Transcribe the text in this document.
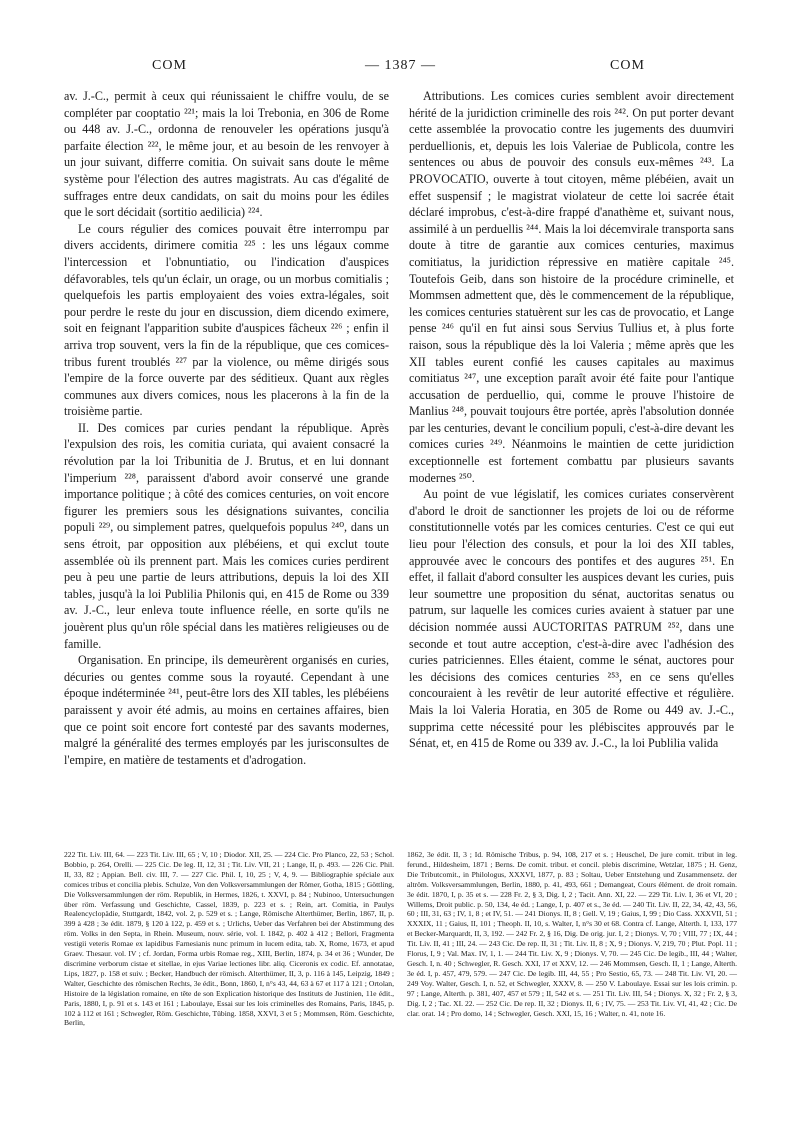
COM	— 1387 —	COM

av. J.-C., permit à ceux qui réunissaient le chiffre voulu, de se compléter par cooptatio ²²¹; mais la loi Trebonia, en 306 de Rome ou 448 av. J.-C., ordonna de renouveler les opérations jusqu'à parfaite élection ²²², le même jour, et au besoin de les renvoyer à un jour suivant, differre comitia. On suivait sans doute le même système pour l'élection des autres magistrats. Au cas d'égalité de suffrages entre deux candidats, on sait du moins pour les édiles que le sort décidait (sortitio aedilicia) ²²⁴.

Le cours régulier des comices pouvait être interrompu par divers accidents, dirimere comitia ²²⁵ : les uns légaux comme l'intercession et l'obnuntiatio, ou l'indication d'auspices défavorables, tels qu'un éclair, un orage, ou un morbus comitialis ; quelquefois les partis employaient des voies extra-légales, soit pour perdre le reste du jour en discussion, diem dicendo eximere, soit en feignant l'apparition subite d'auspices fâcheux ²²⁶ ; enfin il arriva trop souvent, vers la fin de la république, que ces comices-tribus furent troublés ²²⁷ par la violence, ou même dirigés sous l'empire de la force ouverte par des séditieux. Quant aux règles communes aux divers comices, nous les placerons à la fin de la troisième partie.

II. Des comices par curies pendant la république. Après l'expulsion des rois, les comitia curiata, qui avaient consacré la révolution par la loi Tribunitia de J. Brutus, et en lui donnant l'imperium ²²⁸, paraissent d'abord avoir conservé une grande importance politique ; à côté des comices centuries, on voit encore figurer les premiers sous les désignations suivantes, concilia populi ²²⁹, ou simplement patres, quelquefois populus ²⁴⁰, dans un sens étroit, par opposition aux plébéiens, et qui exclut toute assemblée où ils prennent part. Mais les comices curies perdirent peu à peu une partie de leurs attributions, depuis la loi des XII tables, jusqu'à la loi Publilia Philonis qui, en 415 de Rome ou 339 av. J.-C., leur enleva toute influence réelle, en sorte qu'ils ne jouèrent plus qu'un rôle spécial dans les matières religieuses ou de famille.

Organisation. En principe, ils demeurèrent organisés en curies, décuries ou gentes comme sous la royauté. Cependant à une époque indéterminée ²⁴¹, peut-être lors des XII tables, les plébéiens paraissent y avoir été admis, au moins en certaines affaires, bien que ce point soit encore fort contesté par des savants modernes, malgré la généralité des termes employés par les jurisconsultes de l'empire, en matière de testaments et d'adrogation.

Attributions. Les comices curies semblent avoir directement hérité de la juridiction criminelle des rois ²⁴². On put porter devant cette assemblée la provocatio contre les jugements des duumviri perduellionis, et, depuis les lois Valeriae de Publicola, contre les sentences ou abus de pouvoir des consuls eux-mêmes ²⁴³. La PROVOCATIO, ouverte à tout citoyen, même plébéien, avait un effet suspensif ; le magistrat violateur de cette loi sacrée était déclaré improbus, c'est-à-dire frappé d'anathème et, suivant nous, assimilé à un perduellis ²⁴⁴. Mais la loi décemvirale transporta sans doute à titre de garantie aux comices centuries, maximus comitiatus, la juridiction répressive en matière capitale ²⁴⁵. Toutefois Geib, dans son histoire de la procédure criminelle, et Mommsen admettent que, dès le commencement de la république, les comices centuries statuèrent sur les cas de provocatio, et Lange pense ²⁴⁶ qu'il en fut ainsi sous Servius Tullius et, à plus forte raison, sous la république dès la loi Valeria ; même après que les XII tables eurent confié les causes capitales au maximus comitiatus ²⁴⁷, une exception paraît avoir été faite pour l'antique accusation de perduellio, qui, comme le prouve l'histoire de Manlius ²⁴⁸, pouvait toujours être portée, après l'absolution donnée par les centuries, devant le concilium populi, c'est-à-dire devant les comices curies ²⁴⁹. Néanmoins le maintien de cette juridiction exceptionnelle est fortement combattu par plusieurs savants modernes ²⁵⁰.

Au point de vue législatif, les comices curiates conservèrent d'abord le droit de sanctionner les projets de loi ou de réforme constitutionnelle votés par les comices centuries. C'est ce qui eut lieu pour l'élection des consuls, et pour la loi des XII tables, approuvée avec le concours des pontifes et des augures ²⁵¹. En effet, il fallait d'abord consulter les auspices devant les curies, puis leur soumettre une proposition du sénat, auctoritas senatus ou patrum, sur laquelle les comices curies avaient à statuer par une décision nommée aussi AUCTORITAS PATRUM ²⁵², dans une seconde et tout autre acception, c'est-à-dire avec l'adhésion des curies patriciennes. Elles étaient, comme le sénat, auctores pour les décisions des comices centuries ²⁵³, en ce sens qu'elles concouraient à les revêtir de leur autorité effective et régulière. Mais la loi Valeria Horatia, en 305 de Rome ou 449 av. J.-C., supprima cette nécessité pour les plébiscites approuvés par le Sénat, et, en 415 de Rome ou 339 av. J.-C., la loi Publilia valida

222 Tit. Liv. III, 64. — 223 Tit. Liv. III, 65 ; V, 10 ; Diodor. XII, 25. — 224 Cic. Pro Planco, 22, 53 ; Schol. Bobbio, p. 264, Orelli. — 225 Cic. De leg. II, 12, 31 ; Tit. Liv. VII, 21 ; Lange, II, p. 493. — 226 Cic. Phil. II, 33, 82 ; Appian. Bell. civ. III, 7. — 227 Cic. Phil. I, 10, 25 ; V, 4, 9. — Bibliographie spéciale aux comices tribus et concilia plebis. Schulze, Von den Volksversammlungen der Römer, Gotha, 1815 ; Göttling, Die Volksversammlungen der röm. Republik, in Hermes, 1826, t. XXVI, p. 84 ; Nubinoo, Untersuchungen über röm. Verfassung und Geschichte, Cassel, 1839, p. 223 et s. ; Rein, art. Comitia, in Paulys Realencyclopädie, Stuttgardt, 1842, vol. 2, p. 529 et s. ; Lange, Römische Alterthümer, Berlin, 1867, II, p. 399 à 428 ; 3e édit. 1879, § 120 à 122, p. 459 et s. ; Urlichs, Ueber das Verfahren bei der Abstimmung des röm. Volks in den Septa, in Rhein. Museum, nouv. série, vol. I. 1842, p. 402 à 412 ; Bellori, Fragmenta vestigii veteris Romae ex lapidibus Farnesianis nunc primum in lucem edita, tab. X, Rome, 1673, et apud Graev. Thesaur. vol. IV ; cf. Jordan, Forma urbis Romae reg., XIII, Berlin, 1874, p. 34 et 36 ; Wunder, De discrimine verborum cistae et sitellae, in ejus Variae lectiones libr. aliq. Ciceronis ex codic. Ef. annotatae, Lips, 1827, p. 158 et suiv. ; Becker, Handbuch der römisch. Alterthümer, II, 3, p. 116 à 145, Leipzig, 1849 ; Walter, Geschichte des römischen Rechts, 3e édit., Bonn, 1860, I, n°s 43, 44, 63 à 67 et 117 à 121 ; Ortolan, Histoire de la législation romaine, en tête de son Explication historique des Instituts de Justinien, 11e édit., Paris, 1880, I, p. 91 et s. 143 et 161 ; Laboulaye, Essai sur les lois criminelles des Romains, Paris, 1845, p. 102 à 112 et 161 ; Schwegler, Röm. Geschichte, Tübing. 1858, XXVI, 3 et 5 ; Mommsen, Röm. Geschichte, Berlin,

1862, 3e édit. II, 3 ; Id. Römische Tribus, p. 94, 108, 217 et s. ; Heuschel, De jure comit. tribut in leg. ferund., Hildesheim, 1871 ; Berns. De comit. tribut. et concil. plebis discrimine, Wetzlar, 1875 ; H. Genz, Die Tributcomit., in Philologus, XXXVI, 1877, p. 83 ; Soltau, Ueber Entstehung und Zusammensetz. der altröm. Volksversammlungen, Berlin, 1880, p. 41, 493, 661 ; Demangeat, Cours élément. de droit romain. 3e édit. 1870, I, p. 35 et s. — 228 Fr. 2, § 3, Dig. I, 2 ; Tacit. Ann. XI, 22. — 229 Tit. Liv. I, 36 et VI, 20 ; Willems, Droit public. p. 50, 134, 4e éd. ; Lange, I, p. 407 et s., 3e éd. — 240 Tit. Liv. II, 22, 34, 42, 43, 56, 60 ; III, 31, 63 ; IV, 1, 8 ; et IV, 51. — 241 Dionys. II, 8 ; Gell. V, 19 ; Gaius, I, 99 ; Dio Cass. XXXVII, 51 ; XXXIX, 11 ; Gaius, II, 101 ; Theoph. II, 10, s. Walter, I, n°s 30 et 68. Contra cf. Lange, Alterth. I, 133, 177 et Becker-Marquardt, II, 3, 192. — 242 Fr. 2, § 16, Dig. De orig. jur. I, 2 ; Dionys. V, 70 ; VIII, 77 ; IX, 44 ; Tit. Liv. II, 41 ; III, 24. — 243 Cic. De rep. II, 31 ; Tit. Liv. II, 8 ; X, 9 ; Dionys. V, 219, 70 ; Plut. Popl. 11 ; Florus, I, 9 ; Val. Max. IV, 1, 1. — 244 Tit. Liv. X, 9 ; Dionys. V, 70. — 245 Cic. De legib., III, 44 ; Walter, Gesch. I, n. 40 ; Schwegler, R. Gesch. XXI, 17 et XXV, 12. — 246 Mommsen, Gesch. II, 1 ; Lange, Alterth. 3e éd. I, p. 457, 479, 579. — 247 Cic. De legib. III, 44, 55 ; Pro Sestio, 65, 73. — 248 Tit. Liv. VI, 20. — 249 Voy. Walter, Gesch. I, n. 52, et Schwegler, XXXV, 8. — 250 V. Laboulaye. Essai sur les lois crimin. p. 97 ; Lange, Alterth. p. 381, 407, 457 et 579 ; II, 542 et s. — 251 Tit. Liv. III, 54 ; Dionys. X, 32 ; Fr. 2, § 3, Dig. I, 2 ; Tac. XI. 22. — 252 Cic. De rep. II, 32 ; Dionys. II, 6 ; IV, 75. — 253 Tit. Liv. VI, 41, 42 ; Cic. De clar. orat. 14 ; Pro domo, 14 ; Schwegler, Gesch. XXI, 15, 16 ; Walter, n. 41, note 16.
